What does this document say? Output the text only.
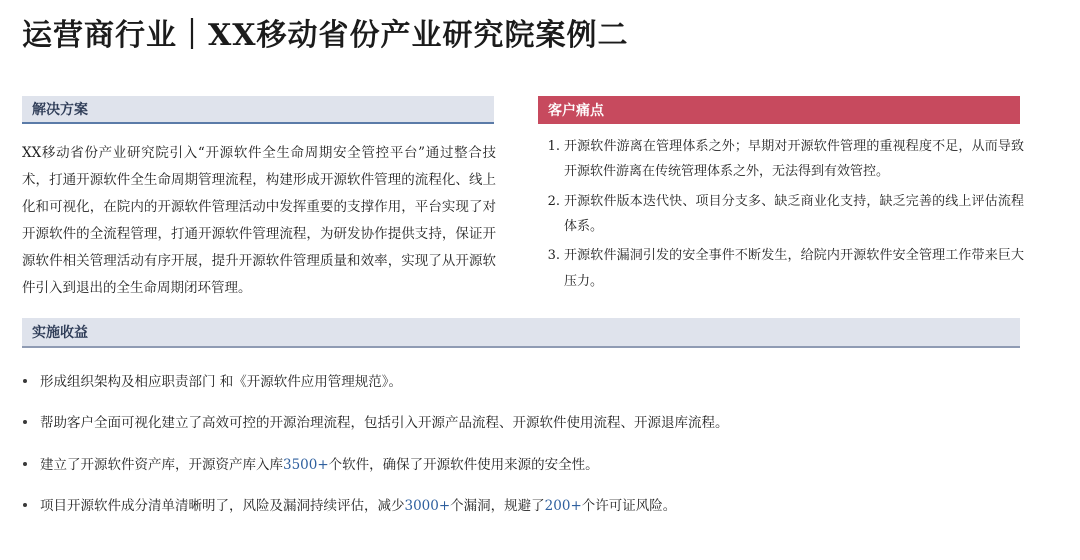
运营商行业｜XX移动省份产业研究院案例二
解决方案
XX移动省份产业研究院引入“开源软件全生命周期安全管控平台”通过整合技术，打通开源软件全生命周期管理流程，构建形成开源软件管理的流程化、线上化和可视化，在院内的开源软件管理活动中发挥重要的支撑作用，平台实现了对开源软件的全流程管理，打通开源软件管理流程，为研发协作提供支持，保证开源软件相关管理活动有序开展，提升开源软件管理质量和效率，实现了从开源软件引入到退出的全生命周期闭环管理。
客户痛点
1. 开源软件游离在管理体系之外；早期对开源软件管理的重视程度不足，从而导致开源软件游离在传统管理体系之外，无法得到有效管控。
2. 开源软件版本迭代快、项目分支多、缺乏商业化支持，缺乏完善的线上评估流程体系。
3. 开源软件漏洞引发的安全事件不断发生，给院内开源软件安全管理工作带来巨大压力。
实施收益
形成组织架构及相应职责部门 和《开源软件应用管理规范》。
帮助客户全面可视化建立了高效可控的开源治理流程，包括引入开源产品流程、开源软件使用流程、开源退库流程。
建立了开源软件资产库，开源资产库入库3500+个软件，确保了开源软件使用来源的安全性。
项目开源软件成分清单清晰明了，风险及漏洞持续评估，减少3000+个漏洞，规避了200+个许可证风险。
